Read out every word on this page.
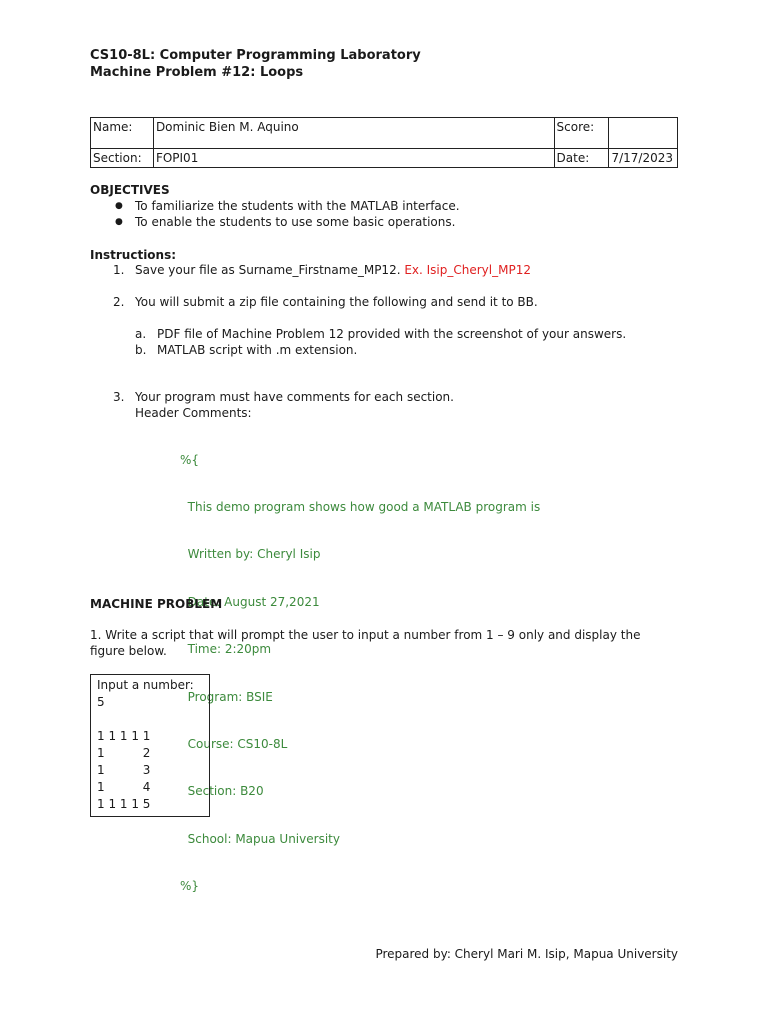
CS10-8L: Computer Programming Laboratory
Machine Problem #12: Loops
Name:	Dominic Bien M. Aquino	Score:	
Section:	FOPI01	Date:	7/17/2023
OBJECTIVES
● To familiarize the students with the MATLAB interface.
● To enable the students to use some basic operations.
Instructions:
1. Save your file as Surname_Firstname_MP12. Ex. Isip_Cheryl_MP12
2. You will submit a zip file containing the following and send it to BB.
a. PDF file of Machine Problem 12 provided with the screenshot of your answers.
b. MATLAB script with .m extension.
3. Your program must have comments for each section.
Header Comments:

%{

This demo program shows how good a MATLAB program is

Written by: Cheryl Isip

Date: August 27,2021

Time: 2:20pm

Program: BSIE

Course: CS10-8L

Section: B20

School: Mapua University

%}

MACHINE PROBLEM
1. Write a script that will prompt the user to input a number from 1 – 9 only and display the
figure below.
Input a number:
5
1 1 1 1 1
1          2
1          3
1          4
1 1 1 1 5
Prepared by: Cheryl Mari M. Isip, Mapua University
